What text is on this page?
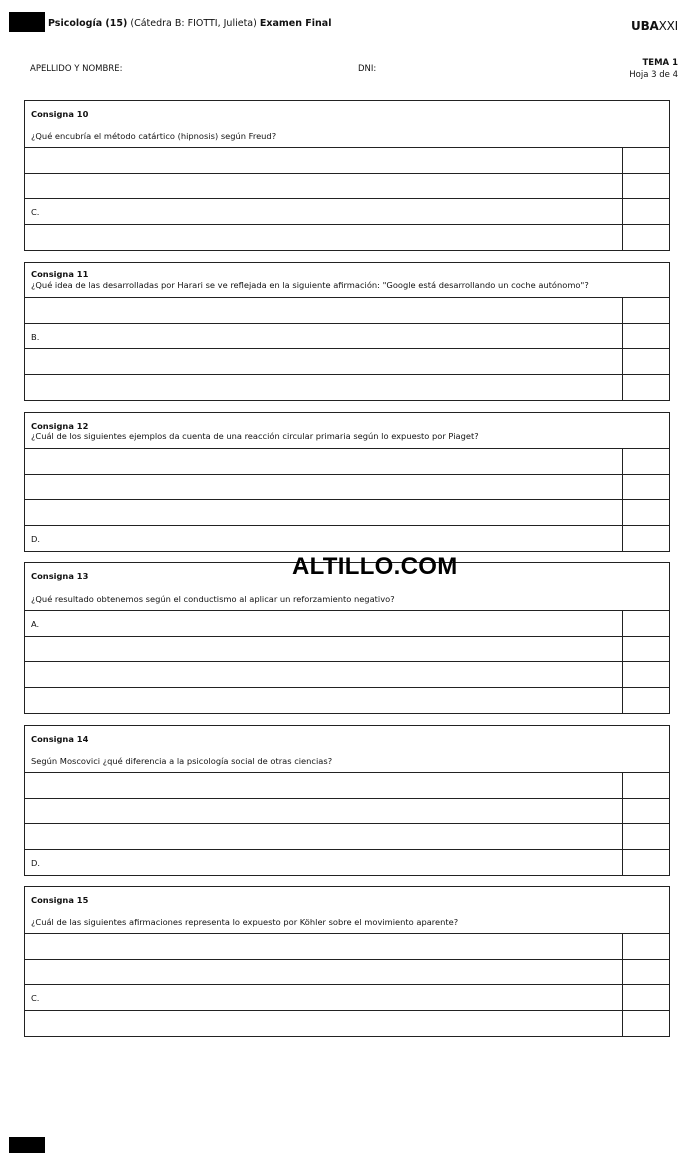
Psicología (15) (Cátedra B: FIOTTI, Julieta) Examen Final	UBAXXI
APELLIDO Y NOMBRE:	DNI:
TEMA 1
Hoja 3 de 4
Consigna 10
¿Qué encubría el método catártico (hipnosis) según Freud?
C.
Consigna 11
¿Qué idea de las desarrolladas por Harari se ve reflejada en la siguiente afirmación: "Google está desarrollando un coche autónomo"?
B.
Consigna 12
¿Cuál de los siguientes ejemplos da cuenta de una reacción circular primaria según lo expuesto por Piaget?
D.
Consigna 13
¿Qué resultado obtenemos según el conductismo al aplicar un reforzamiento negativo?
A.
Consigna 14
Según Moscovici ¿qué diferencia a la psicología social de otras ciencias?
D.
Consigna 15
¿Cuál de las siguientes afirmaciones representa lo expuesto por Köhler sobre el movimiento aparente?
C.
ALTILLO.COM
